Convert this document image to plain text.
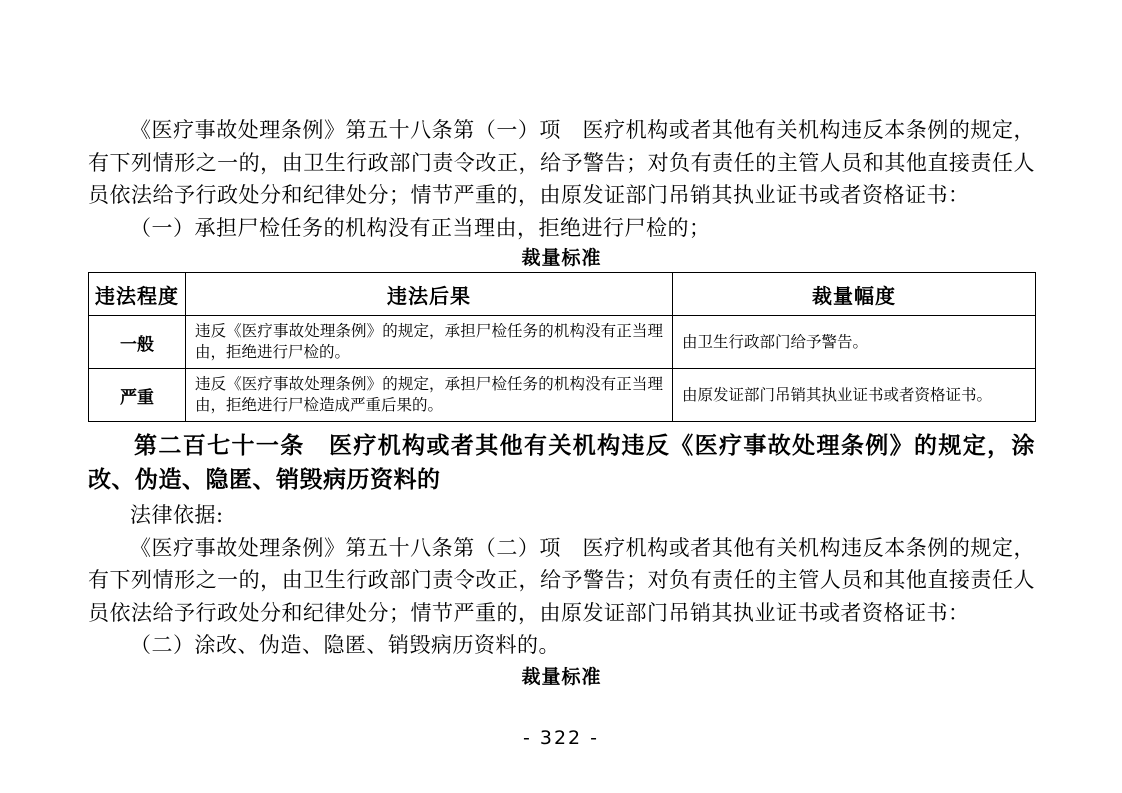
《医疗事故处理条例》第五十八条第（一）项　医疗机构或者其他有关机构违反本条例的规定，有下列情形之一的，由卫生行政部门责令改正，给予警告；对负有责任的主管人员和其他直接责任人员依法给予行政处分和纪律处分；情节严重的，由原发证部门吊销其执业证书或者资格证书：

（一）承担尸检任务的机构没有正当理由，拒绝进行尸检的；

裁量标准
违法程度	违法后果	裁量幅度
一般	违反《医疗事故处理条例》的规定，承担尸检任务的机构没有正当理由，拒绝进行尸检的。	由卫生行政部门给予警告。
严重	违反《医疗事故处理条例》的规定，承担尸检任务的机构没有正当理由，拒绝进行尸检造成严重后果的。	由原发证部门吊销其执业证书或者资格证书。

第二百七十一条　医疗机构或者其他有关机构违反《医疗事故处理条例》的规定，涂改、伪造、隐匿、销毁病历资料的

法律依据:

《医疗事故处理条例》第五十八条第（二）项　医疗机构或者其他有关机构违反本条例的规定，有下列情形之一的，由卫生行政部门责令改正，给予警告；对负有责任的主管人员和其他直接责任人员依法给予行政处分和纪律处分；情节严重的，由原发证部门吊销其执业证书或者资格证书：

（二）涂改、伪造、隐匿、销毁病历资料的。

裁量标准
- 322 -
